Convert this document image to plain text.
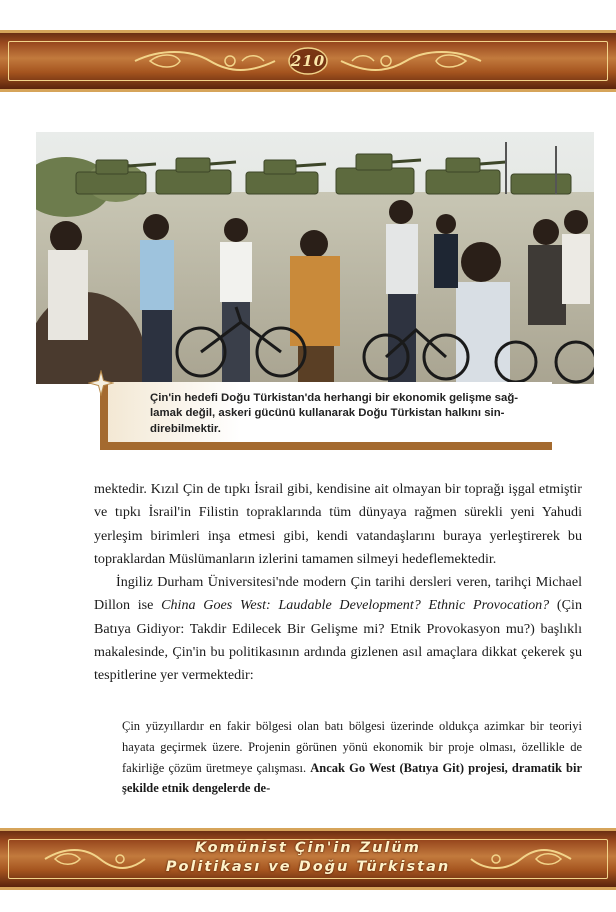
210
Çin'in hedefi Doğu Türkistan'da herhangi bir ekonomik gelişme sağ-
lamak değil, askeri gücünü kullanarak Doğu Türkistan halkını sin-
direbilmektir.

mektedir. Kızıl Çin de tıpkı İsrail gibi, kendisine ait olmayan bir toprağı işgal etmiştir ve tıpkı İsrail'in Filistin topraklarında tüm dünyaya rağmen sürekli yeni Yahudi yerleşim birimleri inşa etmesi gibi, kendi vatandaşlarını buraya yerleştirerek bu topraklardan Müslümanların izlerini tamamen silmeyi hedeflemektedir.

İngiliz Durham Üniversitesi'nde modern Çin tarihi dersleri veren, tarihçi Michael Dillon ise China Goes West: Laudable Development? Ethnic Provocation? (Çin Batıya Gidiyor: Takdir Edilecek Bir Gelişme mi? Etnik Provokasyon mu?) başlıklı makalesinde, Çin'in bu politikasının ardında gizlenen asıl amaçlara dikkat çekerek şu tespitlerine yer vermektedir:

Çin yüzyıllardır en fakir bölgesi olan batı bölgesi üzerinde oldukça azimkar bir teoriyi hayata geçirmek üzere. Projenin görünen yönü ekonomik bir proje olması, özellikle de fakirliğe çözüm üretmeye çalışması. Ancak Go West (Batıya Git) projesi, dramatik bir şekilde etnik dengelerde de-

Komünist Çin'in Zulüm
Politikası ve Doğu Türkistan
